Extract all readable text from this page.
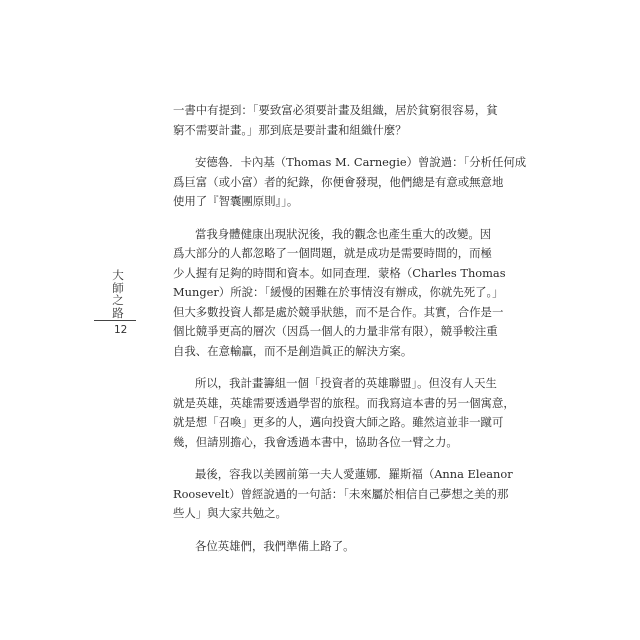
大
師
之
路
12
一書中有提到：「要致富必須要計畫及組織，居於貧窮很容易，貧
窮不需要計畫。」那到底是要計畫和組織什麼？
安德魯．卡內基（Thomas M. Carnegie）曾說過：「分析任何成
爲巨富（或小富）者的紀錄，你便會發現，他們總是有意或無意地
使用了『智囊團原則』」。
當我身體健康出現狀況後，我的觀念也產生重大的改變。因
爲大部分的人都忽略了一個問題，就是成功是需要時間的，而極
少人握有足夠的時間和資本。如同查理．蒙格（Charles Thomas
Munger）所說：「緩慢的困難在於事情沒有辦成，你就先死了。」
但大多數投資人都是處於競爭狀態，而不是合作。其實，合作是一
個比競爭更高的層次（因爲一個人的力量非常有限），競爭較注重
自我、在意輸贏，而不是創造眞正的解決方案。
所以，我計畫籌組一個「投資者的英雄聯盟」。但沒有人天生
就是英雄，英雄需要透過學習的旅程。而我寫這本書的另一個寓意，
就是想「召喚」更多的人，邁向投資大師之路。雖然這並非一蹴可
幾，但請別擔心，我會透過本書中，協助各位一臂之力。
最後，容我以美國前第一夫人愛蓮娜．羅斯福（Anna Eleanor
Roosevelt）曾經說過的一句話：「未來屬於相信自己夢想之美的那
些人」與大家共勉之。
各位英雄們，我們準備上路了。
